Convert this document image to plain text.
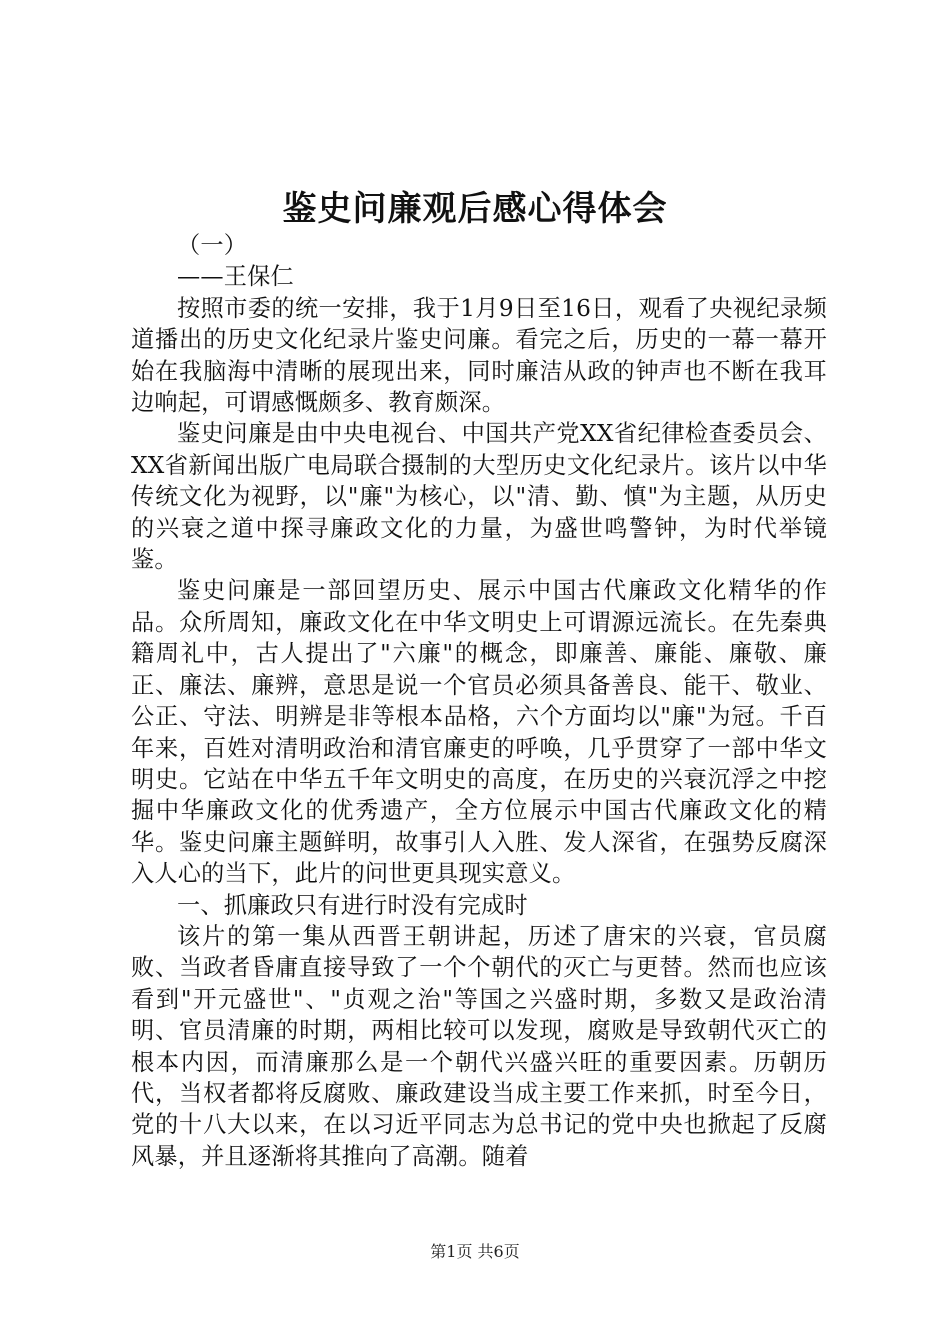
鉴史问廉观后感心得体会

（一）

——王保仁

按照市委的统一安排，我于1月9日至16日，观看了央视纪录频道播出的历史文化纪录片鉴史问廉。看完之后，历史的一幕一幕开始在我脑海中清晰的展现出来，同时廉洁从政的钟声也不断在我耳边响起，可谓感慨颇多、教育颇深。

鉴史问廉是由中央电视台、中国共产党XX省纪律检查委员会、XX省新闻出版广电局联合摄制的大型历史文化纪录片。该片以中华传统文化为视野，以"廉"为核心，以"清、勤、慎"为主题，从历史的兴衰之道中探寻廉政文化的力量，为盛世鸣警钟，为时代举镜鉴。

鉴史问廉是一部回望历史、展示中国古代廉政文化精华的作品。众所周知，廉政文化在中华文明史上可谓源远流长。在先秦典籍周礼中，古人提出了"六廉"的概念，即廉善、廉能、廉敬、廉正、廉法、廉辨，意思是说一个官员必须具备善良、能干、敬业、公正、守法、明辨是非等根本品格，六个方面均以"廉"为冠。千百年来，百姓对清明政治和清官廉吏的呼唤，几乎贯穿了一部中华文明史。它站在中华五千年文明史的高度，在历史的兴衰沉浮之中挖掘中华廉政文化的优秀遗产，全方位展示中国古代廉政文化的精华。鉴史问廉主题鲜明，故事引人入胜、发人深省，在强势反腐深入人心的当下，此片的问世更具现实意义。

一、抓廉政只有进行时没有完成时

该片的第一集从西晋王朝讲起，历述了唐宋的兴衰，官员腐败、当政者昏庸直接导致了一个个朝代的灭亡与更替。然而也应该看到"开元盛世"、"贞观之治"等国之兴盛时期，多数又是政治清明、官员清廉的时期，两相比较可以发现，腐败是导致朝代灭亡的根本内因，而清廉那么是一个朝代兴盛兴旺的重要因素。历朝历代，当权者都将反腐败、廉政建设当成主要工作来抓，时至今日，党的十八大以来，在以习近平同志为总书记的党中央也掀起了反腐风暴，并且逐渐将其推向了高潮。随着

第1页 共6页
